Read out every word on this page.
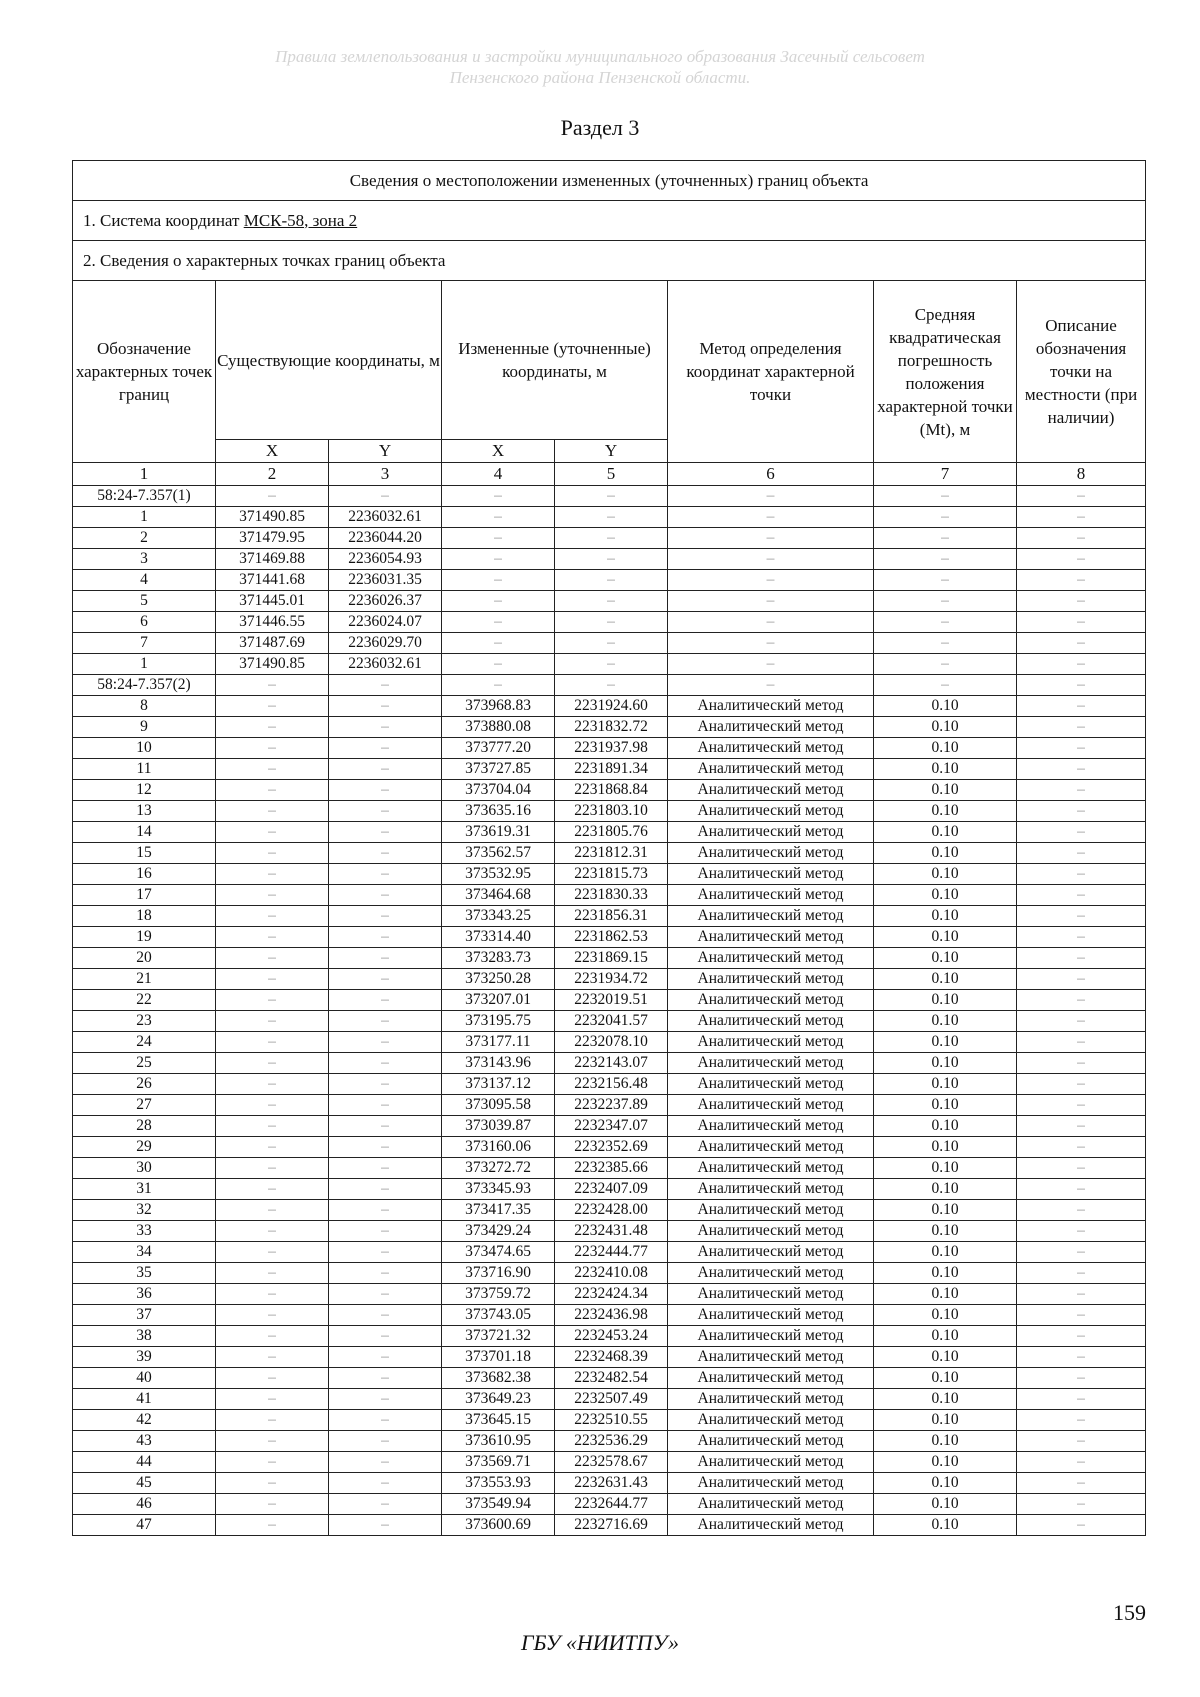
Правила землепользования и застройки муниципального образования Засечный сельсовет
Пензенского района Пензенской области.
Раздел 3
Сведения о местоположении измененных (уточненных) границ объекта							
1. Система координат МСК-58, зона 2							
2. Сведения о характерных точках границ объекта							
Обозначение характерных точек границ	Существующие координаты, м		Измененные (уточненные) координаты, м		Метод определения координат характерной точки	Средняя квадратическая погрешность положения характерной точки (Mt), м	Описание обозначения точки на местности (при наличии)
	X	Y	X	Y			
1	2	3	4	5	6	7	8
58:24-7.357(1)	–	–	–	–	–	–	–
1	371490.85	2236032.61	–	–	–	–	–
2	371479.95	2236044.20	–	–	–	–	–
3	371469.88	2236054.93	–	–	–	–	–
4	371441.68	2236031.35	–	–	–	–	–
5	371445.01	2236026.37	–	–	–	–	–
6	371446.55	2236024.07	–	–	–	–	–
7	371487.69	2236029.70	–	–	–	–	–
1	371490.85	2236032.61	–	–	–	–	–
58:24-7.357(2)	–	–	–	–	–	–	–
8	–	–	373968.83	2231924.60	Аналитический метод	0.10	–
9	–	–	373880.08	2231832.72	Аналитический метод	0.10	–
10	–	–	373777.20	2231937.98	Аналитический метод	0.10	–
11	–	–	373727.85	2231891.34	Аналитический метод	0.10	–
12	–	–	373704.04	2231868.84	Аналитический метод	0.10	–
13	–	–	373635.16	2231803.10	Аналитический метод	0.10	–
14	–	–	373619.31	2231805.76	Аналитический метод	0.10	–
15	–	–	373562.57	2231812.31	Аналитический метод	0.10	–
16	–	–	373532.95	2231815.73	Аналитический метод	0.10	–
17	–	–	373464.68	2231830.33	Аналитический метод	0.10	–
18	–	–	373343.25	2231856.31	Аналитический метод	0.10	–
19	–	–	373314.40	2231862.53	Аналитический метод	0.10	–
20	–	–	373283.73	2231869.15	Аналитический метод	0.10	–
21	–	–	373250.28	2231934.72	Аналитический метод	0.10	–
22	–	–	373207.01	2232019.51	Аналитический метод	0.10	–
23	–	–	373195.75	2232041.57	Аналитический метод	0.10	–
24	–	–	373177.11	2232078.10	Аналитический метод	0.10	–
25	–	–	373143.96	2232143.07	Аналитический метод	0.10	–
26	–	–	373137.12	2232156.48	Аналитический метод	0.10	–
27	–	–	373095.58	2232237.89	Аналитический метод	0.10	–
28	–	–	373039.87	2232347.07	Аналитический метод	0.10	–
29	–	–	373160.06	2232352.69	Аналитический метод	0.10	–
30	–	–	373272.72	2232385.66	Аналитический метод	0.10	–
31	–	–	373345.93	2232407.09	Аналитический метод	0.10	–
32	–	–	373417.35	2232428.00	Аналитический метод	0.10	–
33	–	–	373429.24	2232431.48	Аналитический метод	0.10	–
34	–	–	373474.65	2232444.77	Аналитический метод	0.10	–
35	–	–	373716.90	2232410.08	Аналитический метод	0.10	–
36	–	–	373759.72	2232424.34	Аналитический метод	0.10	–
37	–	–	373743.05	2232436.98	Аналитический метод	0.10	–
38	–	–	373721.32	2232453.24	Аналитический метод	0.10	–
39	–	–	373701.18	2232468.39	Аналитический метод	0.10	–
40	–	–	373682.38	2232482.54	Аналитический метод	0.10	–
41	–	–	373649.23	2232507.49	Аналитический метод	0.10	–
42	–	–	373645.15	2232510.55	Аналитический метод	0.10	–
43	–	–	373610.95	2232536.29	Аналитический метод	0.10	–
44	–	–	373569.71	2232578.67	Аналитический метод	0.10	–
45	–	–	373553.93	2232631.43	Аналитический метод	0.10	–
46	–	–	373549.94	2232644.77	Аналитический метод	0.10	–
47	–	–	373600.69	2232716.69	Аналитический метод	0.10	–
159
ГБУ «НИИТПУ»
